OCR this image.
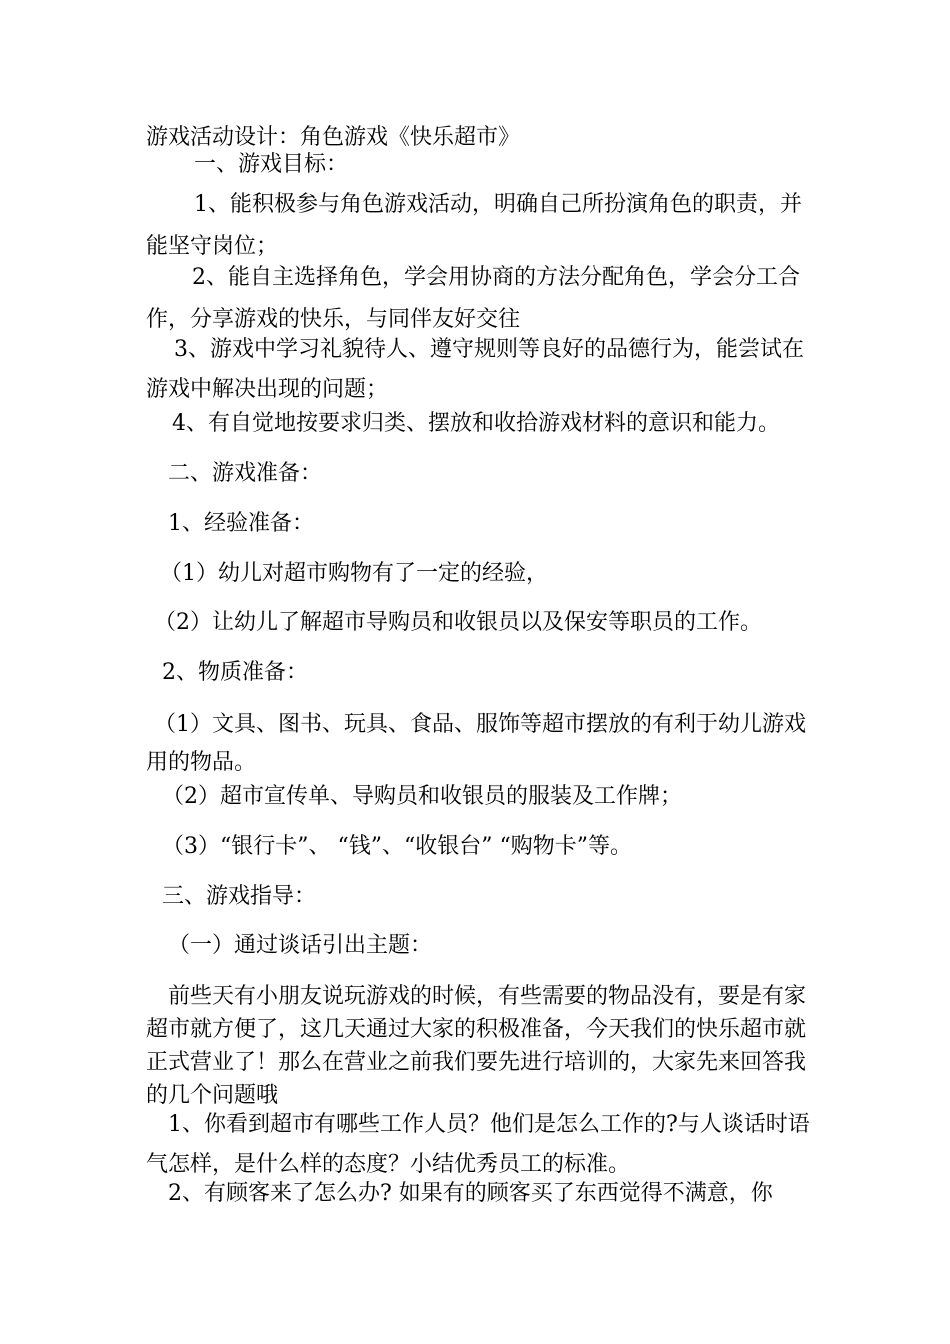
游戏活动设计：角色游戏《快乐超市》
一、游戏目标：
1、能积极参与角色游戏活动，明确自己所扮演角色的职责，并能坚守岗位；
2、能自主选择角色，学会用协商的方法分配角色，学会分工合作，分享游戏的快乐，与同伴友好交往
3、游戏中学习礼貌待人、遵守规则等良好的品德行为，能尝试在游戏中解决出现的问题；
4、有自觉地按要求归类、摆放和收拾游戏材料的意识和能力。
二、游戏准备：
1、经验准备：
（1）幼儿对超市购物有了一定的经验，
（2）让幼儿了解超市导购员和收银员以及保安等职员的工作。
2、物质准备：
（1）文具、图书、玩具、食品、服饰等超市摆放的有利于幼儿游戏用的物品。
（2）超市宣传单、导购员和收银员的服装及工作牌；
（3）“银行卡”、 “钱”、“收银台” “购物卡”等。
三、游戏指导：
（一）通过谈话引出主题：
前些天有小朋友说玩游戏的时候，有些需要的物品没有，要是有家超市就方便了，这几天通过大家的积极准备，今天我们的快乐超市就正式营业了！那么在营业之前我们要先进行培训的，大家先来回答我的几个问题哦
1、你看到超市有哪些工作人员？他们是怎么工作的?与人谈话时语气怎样，是什么样的态度？小结优秀员工的标准。
2、有顾客来了怎么办? 如果有的顾客买了东西觉得不满意，你
